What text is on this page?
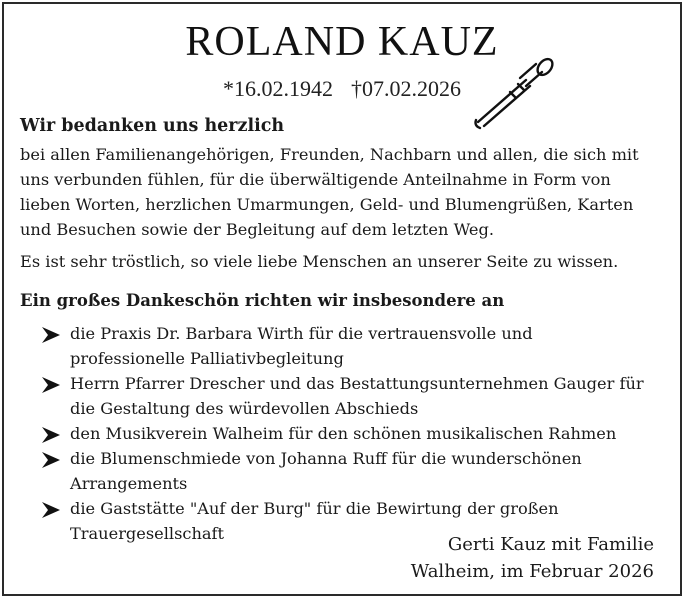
ROLAND KAUZ
*16.02.1942 †07.02.2026
Wir bedanken uns herzlich
bei allen Familienangehörigen, Freunden, Nachbarn und allen, die sich mit uns verbunden fühlen, für die überwältigende Anteilnahme in Form von lieben Worten, herzlichen Umarmungen, Geld- und Blumengrüßen, Karten und Besuchen sowie der Begleitung auf dem letzten Weg.
Es ist sehr tröstlich, so viele liebe Menschen an unserer Seite zu wissen.
Ein großes Dankeschön richten wir insbesondere an
die Praxis Dr. Barbara Wirth für die vertrauensvolle und professionelle Palliativbegleitung
Herrn Pfarrer Drescher und das Bestattungsunternehmen Gauger für die Gestaltung des würdevollen Abschieds
den Musikverein Walheim für den schönen musikalischen Rahmen
die Blumenschmiede von Johanna Ruff für die wunderschönen Arrangements
die Gaststätte "Auf der Burg" für die Bewirtung der großen Trauergesellschaft
Gerti Kauz mit Familie
Walheim, im Februar 2026
